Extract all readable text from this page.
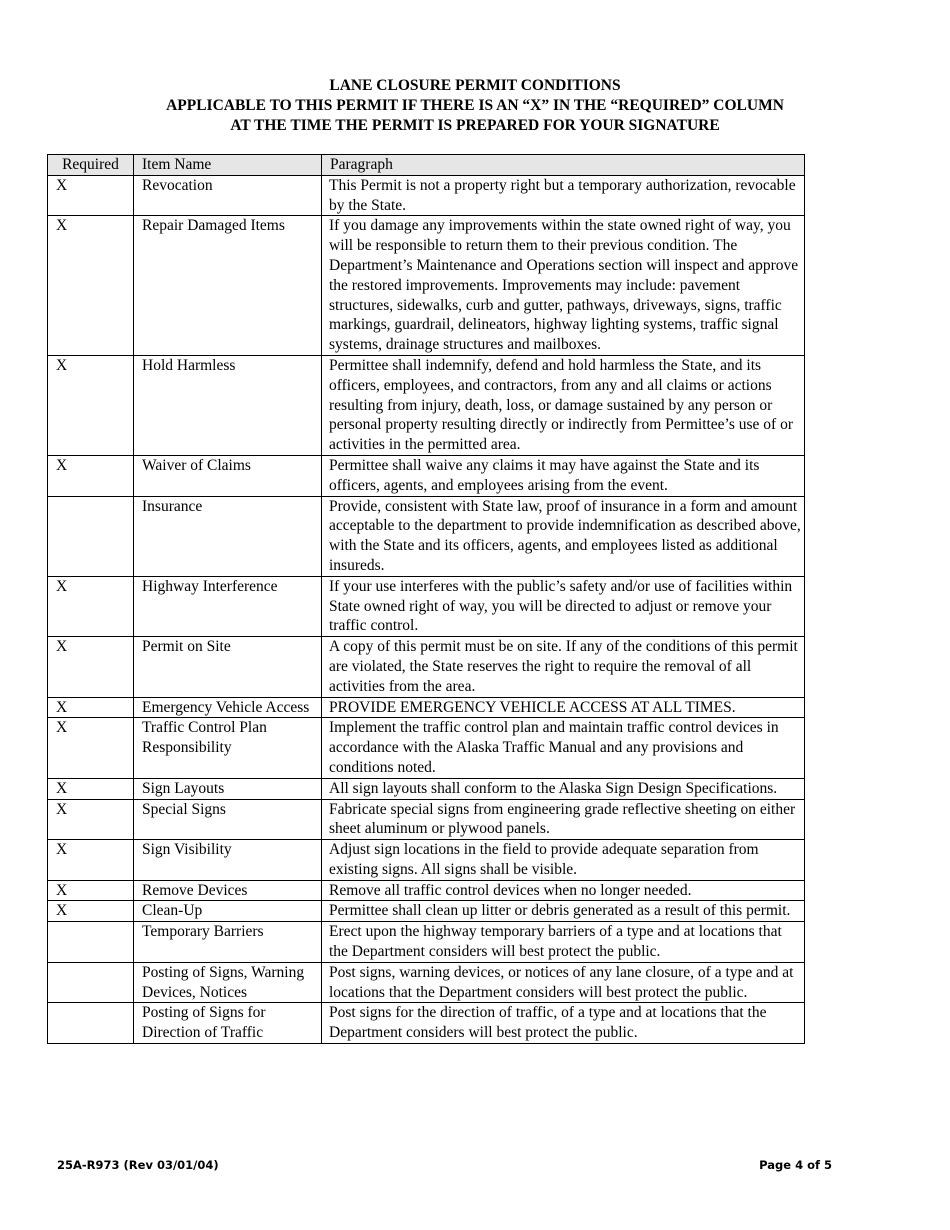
LANE CLOSURE PERMIT CONDITIONS
APPLICABLE TO THIS PERMIT IF THERE IS AN “X” IN THE “REQUIRED” COLUMN
AT THE TIME THE PERMIT IS PREPARED FOR YOUR SIGNATURE
Required	Item Name	Paragraph
X	Revocation	This Permit is not a property right but a temporary authorization, revocable by the State.
X	Repair Damaged Items	If you damage any improvements within the state owned right of way, you will be responsible to return them to their previous condition. The Department’s Maintenance and Operations section will inspect and approve the restored improvements. Improvements may include: pavement structures, sidewalks, curb and gutter, pathways, driveways, signs, traffic markings, guardrail, delineators, highway lighting systems, traffic signal systems, drainage structures and mailboxes.
X	Hold Harmless	Permittee shall indemnify, defend and hold harmless the State, and its officers, employees, and contractors, from any and all claims or actions resulting from injury, death, loss, or damage sustained by any person or personal property resulting directly or indirectly from Permittee’s use of or activities in the permitted area.
X	Waiver of Claims	Permittee shall waive any claims it may have against the State and its officers, agents, and employees arising from the event.
	Insurance	Provide, consistent with State law, proof of insurance in a form and amount acceptable to the department to provide indemnification as described above, with the State and its officers, agents, and employees listed as additional insureds.
X	Highway Interference	If your use interferes with the public’s safety and/or use of facilities within State owned right of way, you will be directed to adjust or remove your traffic control.
X	Permit on Site	A copy of this permit must be on site. If any of the conditions of this permit are violated, the State reserves the right to require the removal of all activities from the area.
X	Emergency Vehicle Access	PROVIDE EMERGENCY VEHICLE ACCESS AT ALL TIMES.
X	Traffic Control Plan Responsibility	Implement the traffic control plan and maintain traffic control devices in accordance with the Alaska Traffic Manual and any provisions and conditions noted.
X	Sign Layouts	All sign layouts shall conform to the Alaska Sign Design Specifications.
X	Special Signs	Fabricate special signs from engineering grade reflective sheeting on either sheet aluminum or plywood panels.
X	Sign Visibility	Adjust sign locations in the field to provide adequate separation from existing signs. All signs shall be visible.
X	Remove Devices	Remove all traffic control devices when no longer needed.
X	Clean-Up	Permittee shall clean up litter or debris generated as a result of this permit.
	Temporary Barriers	Erect upon the highway temporary barriers of a type and at locations that the Department considers will best protect the public.
	Posting of Signs, Warning Devices, Notices	Post signs, warning devices, or notices of any lane closure, of a type and at locations that the Department considers will best protect the public.
	Posting of Signs for Direction of Traffic	Post signs for the direction of traffic, of a type and at locations that the Department considers will best protect the public.
25A-R973 (Rev 03/01/04)	Page 4 of 5
